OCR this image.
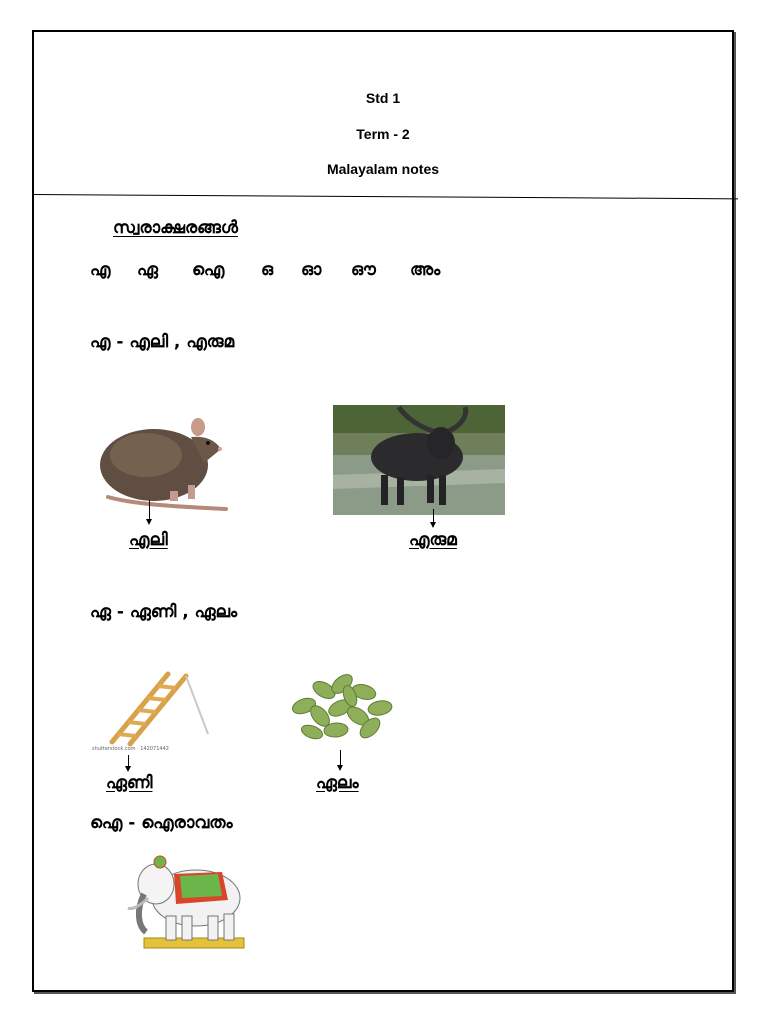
Std 1
Term - 2
Malayalam notes
സ്വരാക്ഷരങ്ങൾ
എ ഏ ഐ ഒ ഓ ഔ അം
എ - എലി , എരുമ
എലി	എരുമ
ഏ - ഏണി , ഏലം
shutterstock.com · 142071442
ഏണി	ഏലം
ഐ - ഐരാവതം
